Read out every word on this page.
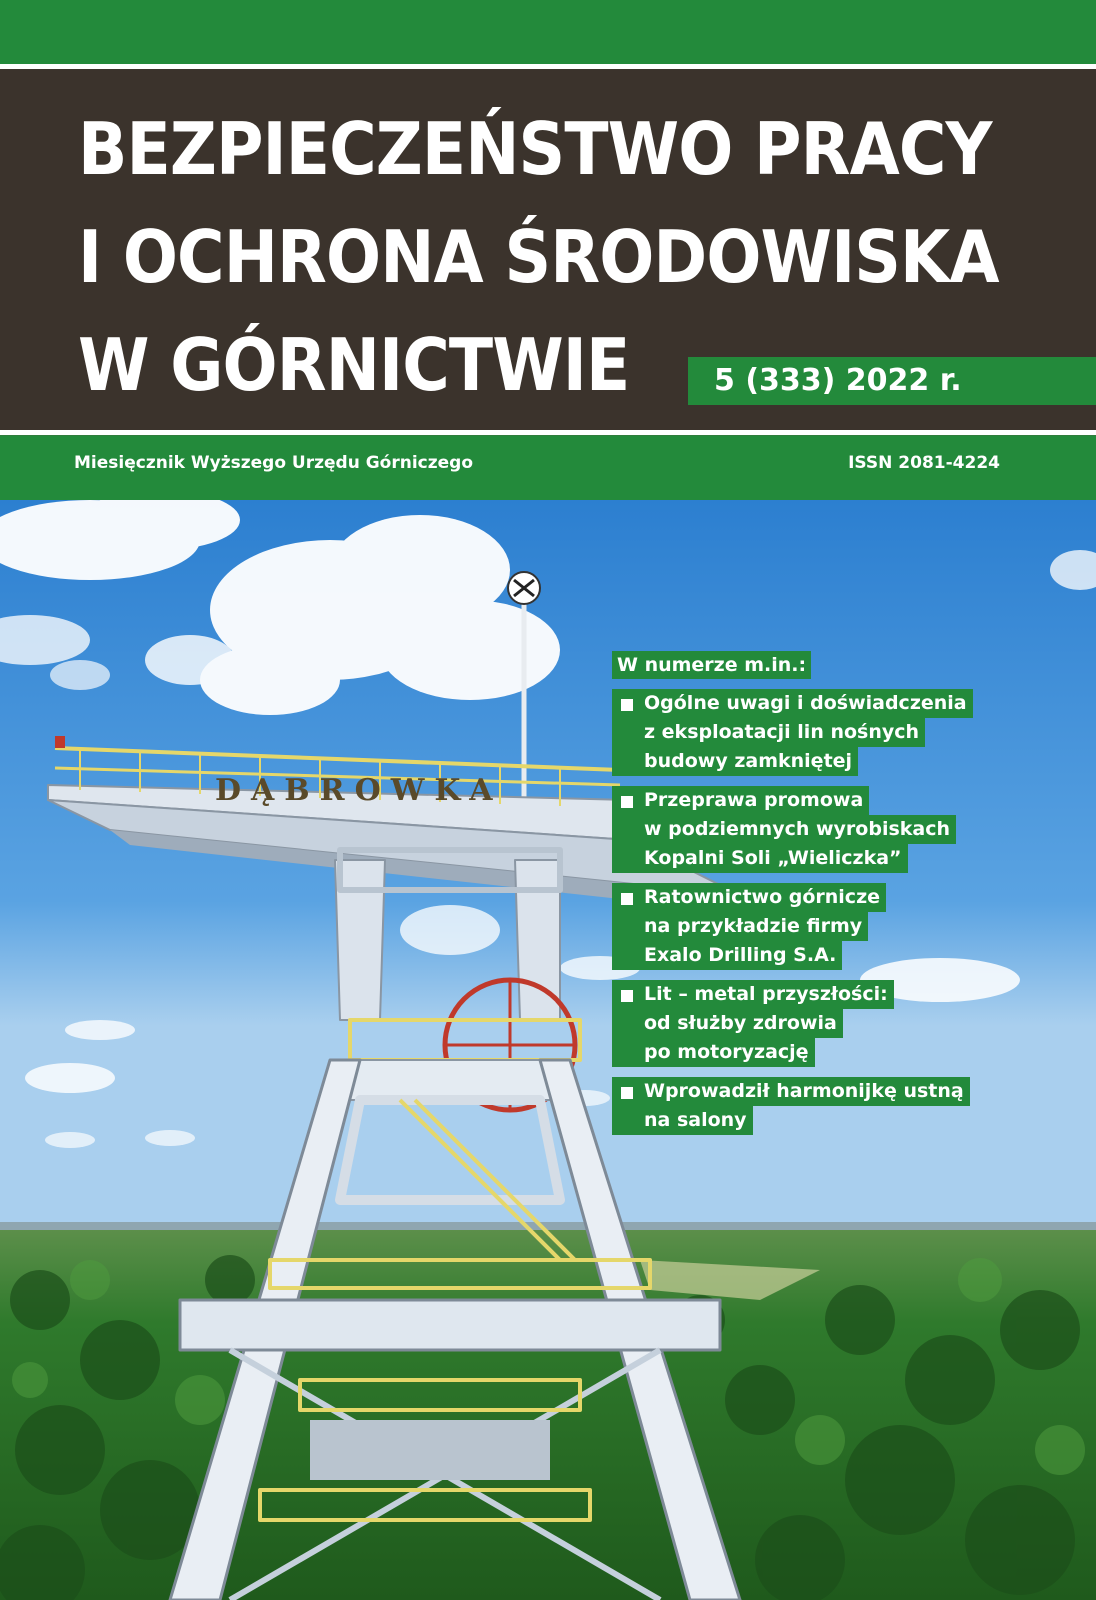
BEZPIECZEŃSTWO PRACY
I OCHRONA ŚRODOWISKA
W GÓRNICTWIE	5 (333) 2022 r.
Miesięcznik Wyższego Urzędu Górniczego	ISSN 2081-4224
DĄBROWKA
W numerze m.in.:
Ogólne uwagi i doświadczenia
z eksploatacji lin nośnych
budowy zamkniętej
Przeprawa promowa
w podziemnych wyrobiskach
Kopalni Soli „Wieliczka”
Ratownictwo górnicze
na przykładzie firmy
Exalo Drilling S.A.
Lit – metal przyszłości:
od służby zdrowia
po motoryzację
Wprowadził harmonijkę ustną
na salony
